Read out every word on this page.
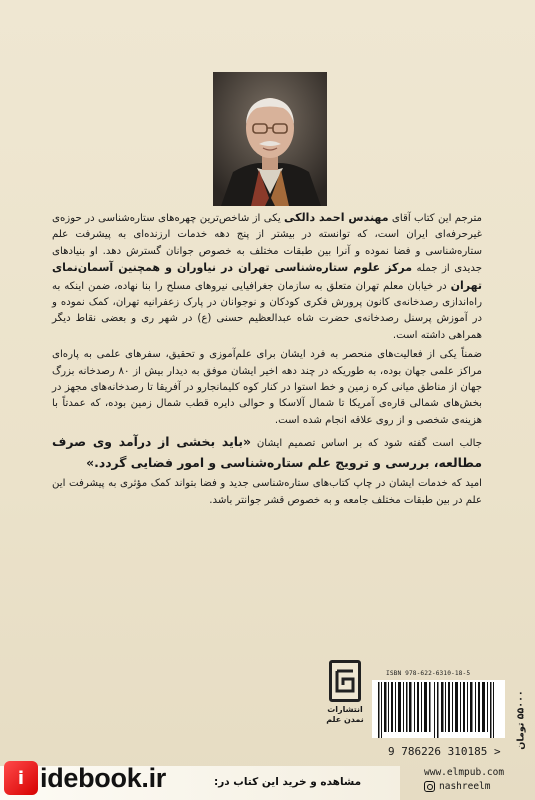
مترجم این کتاب آقای مهندس احمد دالکی یکی از شاخص‌ترین چهره‌های ستاره‌شناسی در حوزه‌ی غیرحرفه‌ای ایران است، که توانسته در بیشتر از پنج دهه خدمات ارزنده‌ای به پیشرفت علم ستاره‌شناسی و فضا نموده و آنرا بین طبقات مختلف به خصوص جوانان گسترش دهد. او بنیادهای جدیدی از جمله مرکز علوم ستاره‌شناسی تهران در نیاوران و همچنین آسمان‌نمای تهران در خیابان معلم تهران متعلق به سازمان جغرافیایی نیروهای مسلح را بنا نهاده، ضمن اینکه به راه‌اندازی رصدخانه‌ی کانون پرورش فکری کودکان و نوجوانان در پارک زعفرانیه تهران، کمک نموده و در آموزش پرسنل رصدخانه‌ی حضرت شاه عبدالعظیم حسنی (ع) در شهر ری و بعضی نقاط دیگر همراهی داشته است.

ضمناً یکی از فعالیت‌های منحصر به فرد ایشان برای علم‌آموزی و تحقیق، سفرهای علمی به پاره‌ای مراکز علمی جهان بوده، به طوریکه در چند دهه اخیر ایشان موفق به دیدار بیش از ۸۰ رصدخانه بزرگ جهان از مناطق میانی کره زمین و خط استوا در کنار کوه کلیمانجارو در آفریقا تا رصدخانه‌های مجهز در بخش‌های شمالی قاره‌ی آمریکا تا شمال آلاسکا و حوالی دایره قطب شمال زمین بوده، که عمدتاً با هزینه‌ی شخصی و از روی علاقه انجام شده است.

جالب است گفته شود که بر اساس تصمیم ایشان «باید بخشی از درآمد وی صرف مطالعه، بررسی و ترویج علم ستاره‌شناسی و امور فضایی گردد.»

امید که خدمات ایشان در چاپ کتاب‌های ستاره‌شناسی جدید و فضا بتواند کمک مؤثری به پیشرفت این علم در بین طبقات مختلف جامعه و به خصوص قشر جوانتر باشد.

انتشارات نمدن علم
ISBN 978-622-6310-18-5
9 786226 310185 >
۵۵۰۰۰ تومان
www.elmpub.com
nashreelm
i idebook.ir	مشاهده و خرید این کتاب در:
